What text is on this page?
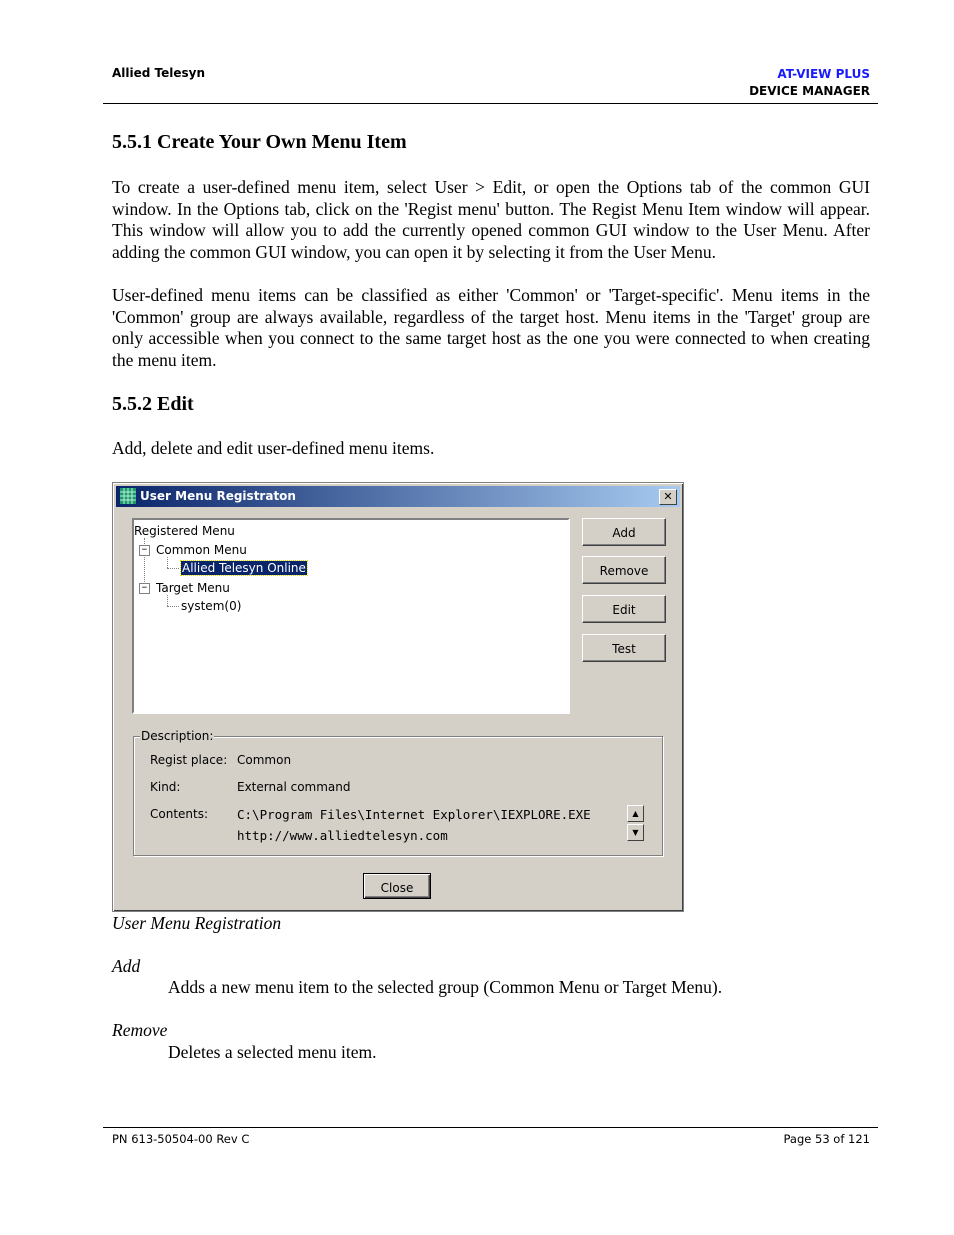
Allied Telesyn	AT-VIEW PLUS
DEVICE MANAGER
5.5.1 Create Your Own Menu Item

To create a user-defined menu item, select User > Edit, or open the Options tab of the common GUI window. In the Options tab, click on the 'Regist menu' button. The Regist Menu Item window will appear. This window will allow you to add the currently opened common GUI window to the User Menu. After adding the common GUI window, you can open it by selecting it from the User Menu.

User-defined menu items can be classified as either 'Common' or 'Target-specific'. Menu items in the 'Common' group are always available, regardless of the target host. Menu items in the 'Target' group are only accessible when you connect to the same target host as the one you were connected to when creating the menu item.

5.5.2 Edit

Add, delete and edit user-defined menu items.

User Menu Registraton	✕
Registered Menu
− Common Menu
Allied Telesyn Online
− Target Menu
system(0)
Add
Remove
Edit
Test
Description:
Regist place: Common
Kind:	External command
Contents: C:\Program Files\Internet Explorer\IEXPLORE.EXE
http://www.alliedtelesyn.com
▲
▼
Close
User Menu Registration
Add
Adds a new menu item to the selected group (Common Menu or Target Menu).
Remove
Deletes a selected menu item.
PN 613-50504-00 Rev C	Page 53 of 121
